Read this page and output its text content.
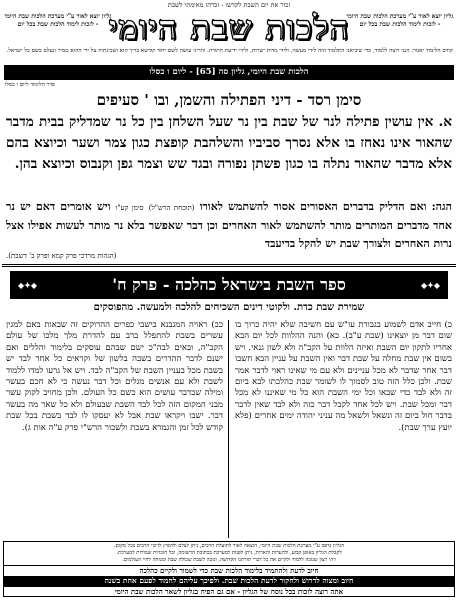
זכור את יום השבת לקדשו - זכרהו מאימתי לשבת
גליון יוצא לאור ע"י מערכת הלכות שבת היומי - לזכות לימוד הלכות שבת בכל יום
הלכות שבת היומי
גליון יוצא לאור ע"י מערכת הלכות שבת היומי - לזכות לימוד הלכות שבת בכל יום
קודם הלימוד יאמר: הנני רוצה ללמוד, כדי שיביאני התלמוד הזה לידי מעשה, ולידי מדות ישרות, ולידי ידיעת התורה. והריני עושה לשם יחוד קודשא בריך הוא ושכינתיה על ידי ההוא טמיר ונעלם בשם כל ישראל.
הלכות שבת היומי, גליון סה [65] - ליום ו כסלו
סדר הלימוד ליום ו כסלו
סימן רסד - דיני הפתילה והשמן, ובו ' סעיפים
א. אין עושין פתילה לנר של שבת בין נר שעל השלחן בין כל נר שמדליק בבית מדבר שהאור אינו נאחז בו אלא נסרך סביביו והשלהבת קופצת כגון צמר ושער וכיוצא בהם אלא מדבר שהאור נתלה בו כגון פשתן נפורה ובגד שש וצמר גפן וקנבוס וכיוצא בהן.
הגה: ואם הדליק בדברים האסורים אסור להשתמש לאורו (תוכחת הרש"ל) סימן קע"ו ויש אומרים דאם יש נר אחד מדברים המותרים מותר להשתמש לאור האחרים וכן דבר שאפשר בלא נר מותר לעשות אפילו אצל נרות האחרים ולצורך שבת יש להקל בדיעבד
(הגהות מרדכי פרק קמא ופרק ב' דשבת).
◆✦◆
ספר השבת בישראל כהלכה - פרק ח'
◆✦◆
שמירת שבת כדת. ולקוטי דינים השכיחים להלכה ולמעשה. מהפוסקים
כ) חייב אדם לשמוע בגבורת עו"ש עם חשיבה שלא יהיה כרוך בו שום דבר מן יוצאינו (שבת ע"ב). כא) והנה ההלוות לכל יום הבא אחריו לתקון יום השבת ואיזה הלוות על הקב"ה ולא לשון גנאי. ויש בשום אין שבת מחלה על שבת דבר ואין השבת על עניין הבא חשבו דבר אחר שדבר לא מכל עניינים ולא עם מי שאינו ראוי לדבר אמר שבת. ולכן כלל הזה טוב לסמוך לו לשומר שבת כהלכתו לבא ביום זה ולא לבד כדי שבאו וכל ימי השבת הוא כל מי שאיננו לא מכל דבר ומכל שבת. ויש לכל אחד לקבל דבר כזה ולא לבד שאין לדבר בדבר חול ביום זה ונשאל ולשאל מה עניני יהודה ימים אחרים (פלא יועץ ערך שבת).
כב) ראויה המגבנא בישבי כפרים ההרוקים זה שבאות באם למגין עשרים בשבת להתפלל ברב עם להדרת מלך מלכו של עולם הקב"ה, ובאים לבה"כ ישם שבהם עוסקים בלימוד והללים ואם ישנם לדבר ההדרים בשבה בלשון של וקראים כל אחד לבד יש בשבת מכל בעניין השבת של הקב"ה לבד. ויש אל גרעו למדו ללמוד לשבת ולא עם אנשים מגלים וכל דבר נעשה כי לא חכם בעשר ומילה שבדבר עושים הוא כשם כל העולם. ולכן מחויב לקוק עשר מבני המקום הזה לכל לבד השבת שבעולם ולא כל שאר מה בעשר דבר. ישבו ויקראו שבת אבל לא יעסקו לו לבד בשבת בכל שבת קודש לכל זמן והגמרא בשבת ולשכור הרש"י פרק ע"ה אות ג).
הגליון נדפס ע"י מערכת הלכות שבת היומי, הוצאה לאור לתועלת הרבים, ניתן לצלם ולהפיץ לזיכוי הרבים בכל מקום.
לקבלת הגליון באופן קבוע, ולהערות והארות, ניתן לפנות למערכת בכתובת הרשומה, וכל הזכויות שמורות למערכת.
ויהי רצון שנזכה ללמוד ולקיים את כל דברי תורתנו הקדושה, ונזכה לשבת שכולה שבת ומנוחה לחיי העולמים.
חיוב לדעת ולהתמיד בלימוד הלכות שבת כדי לשמור ולקיים כהלכה
חיוב ומצוה לדרוש ולחקור לדעת הלכות שבת. ולפיכך עליהם לחמוד לפעם אחת בשנה
אתה רוצה לזכות בכל נוסח של הגליון - אם גם הפיח בגליון לשאר הלכות שבת היומי
